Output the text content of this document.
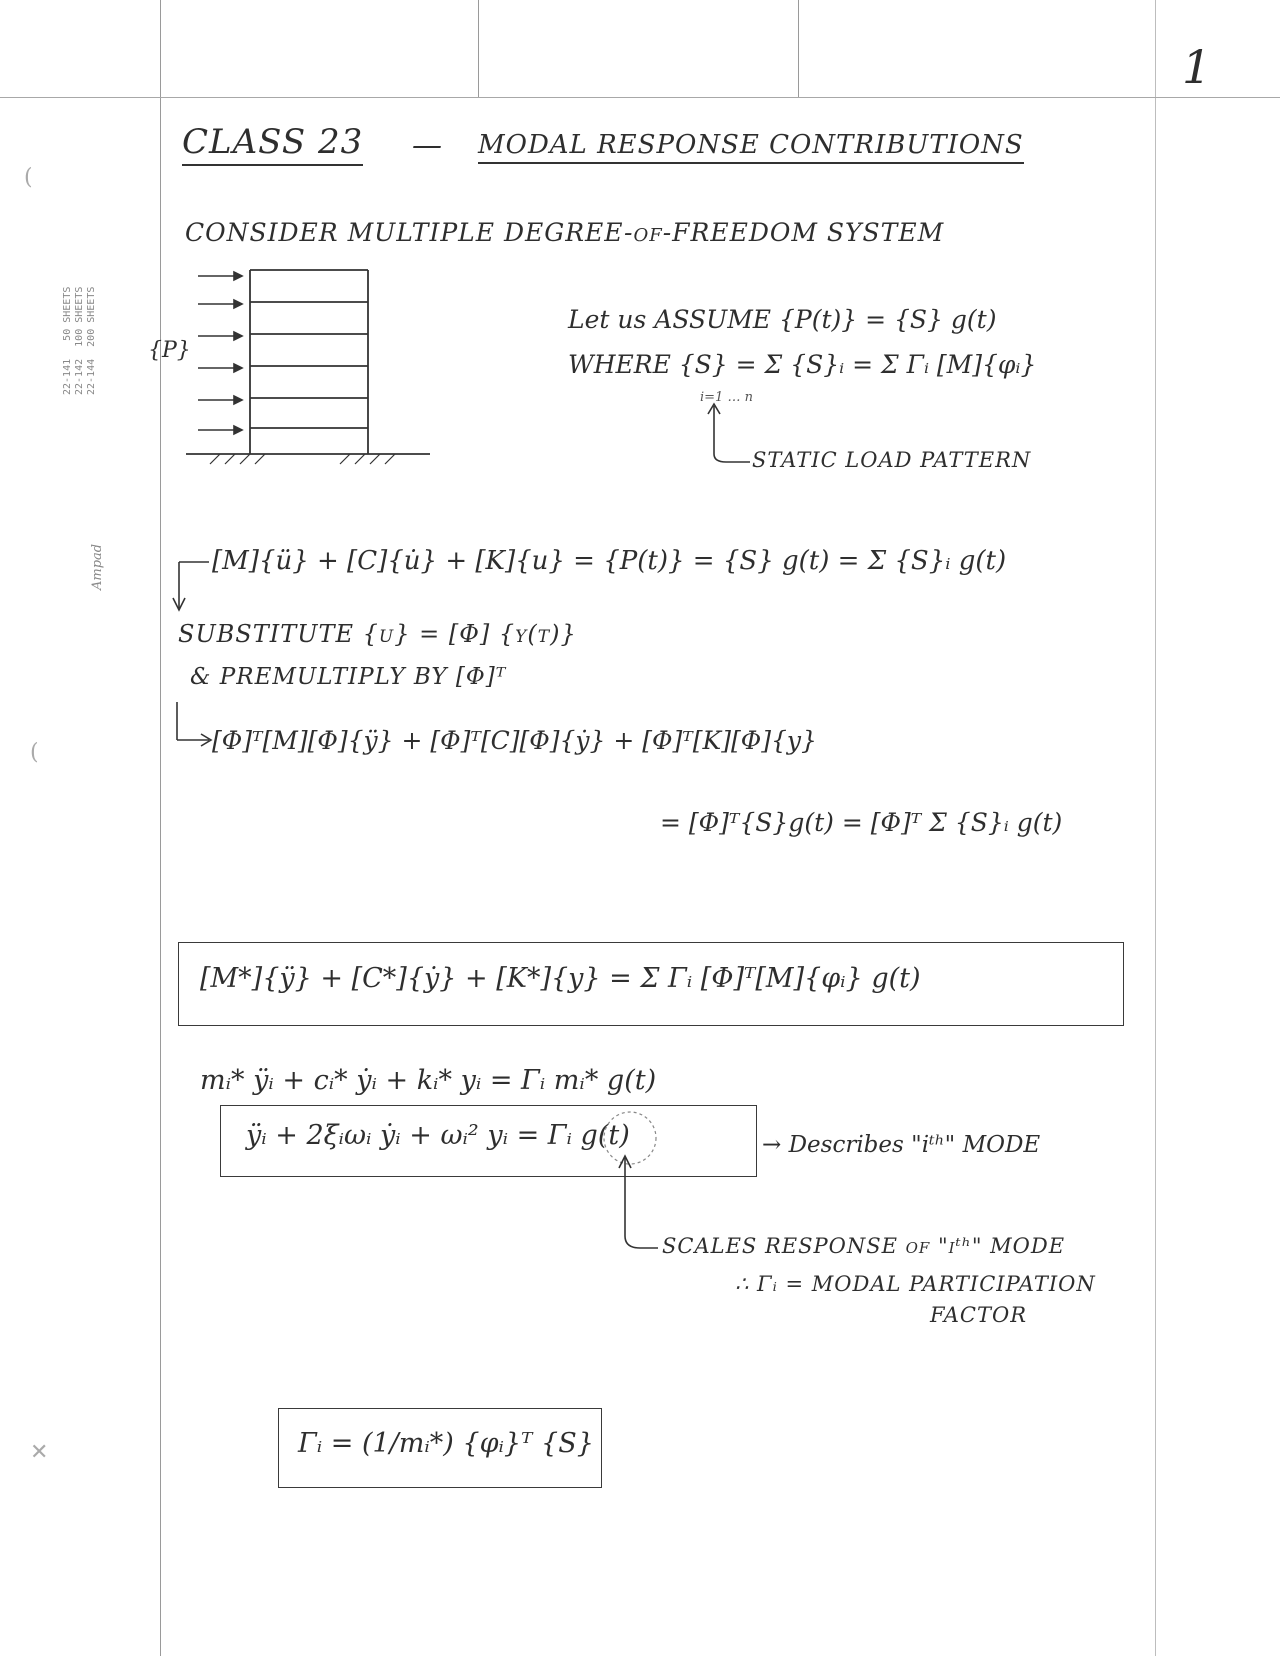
1
22-141   50 SHEETS
22-142  100 SHEETS
22-144  200 SHEETS
Ampad
(
(
✕
CLASS 23 — MODAL RESPONSE CONTRIBUTIONS
CONSIDER MULTIPLE DEGREE-of-FREEDOM SYSTEM
{P}
Let us ASSUME {P(t)} = {S} g(t)
WHERE {S} = Σ {S}ᵢ = Σ Γᵢ [M]{φᵢ}
i=1 … n
STATIC LOAD PATTERN
[M]{ü} + [C]{u̇} + [K]{u} = {P(t)} = {S} g(t) = Σ {S}ᵢ g(t)
SUBSTITUTE {u} = [Φ] {y(t)}
& PREMULTIPLY BY [Φ]ᵀ
[Φ]ᵀ[M][Φ]{ÿ} + [Φ]ᵀ[C][Φ]{ẏ} + [Φ]ᵀ[K][Φ]{y}
= [Φ]ᵀ{S}g(t) = [Φ]ᵀ Σ {S}ᵢ g(t)
[M*]{ÿ} + [C*]{ẏ} + [K*]{y} = Σ Γᵢ [Φ]ᵀ[M]{φᵢ} g(t)
mᵢ* ÿᵢ + cᵢ* ẏᵢ + kᵢ* yᵢ = Γᵢ mᵢ* g(t)
ÿᵢ + 2ξᵢωᵢ ẏᵢ + ωᵢ² yᵢ = Γᵢ g(t)	→ Describes "iᵗʰ" MODE
SCALES RESPONSE of "iᵗʰ" MODE
∴ Γᵢ = MODAL PARTICIPATION
FACTOR
Γᵢ = (1/mᵢ*) {φᵢ}ᵀ {S}
